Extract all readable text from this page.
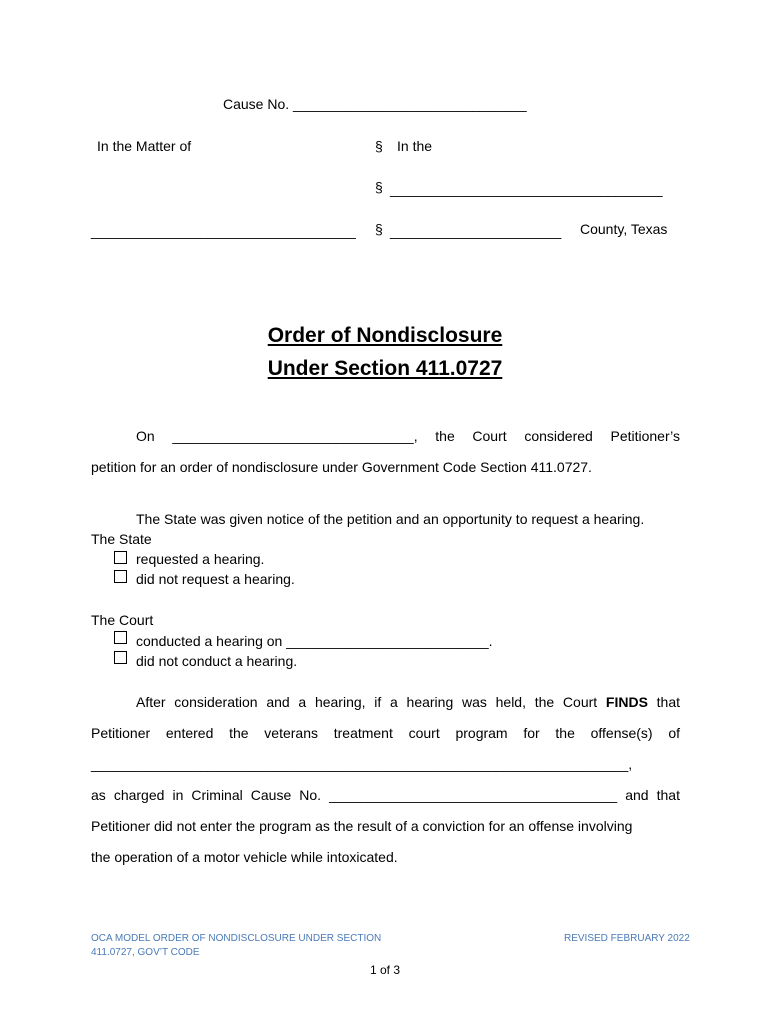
Cause No. ______________________________
In the Matter of	§ In the
§ ___________________________________
__________________________________ § ______________________ County, Texas
Order of Nondisclosure
Under Section 411.0727
On _______________________________, the Court considered Petitioner’s
petition for an order of nondisclosure under Government Code Section 411.0727.
The State was given notice of the petition and an opportunity to request a hearing.
The State
requested a hearing.
did not request a hearing.
The Court
conducted a hearing on __________________________.
did not conduct a hearing.
After consideration and a hearing, if a hearing was held, the Court FINDS that
Petitioner entered the veterans treatment court program for the offense(s) of
_____________________________________________________________________,
as charged in Criminal Cause No. _____________________________________ and that
Petitioner did not enter the program as the result of a conviction for an offense involving
the operation of a motor vehicle while intoxicated.
OCA MODEL ORDER OF NONDISCLOSURE UNDER SECTION
411.0727, GOV’T CODE
REVISED FEBRUARY 2022
1 of 3
